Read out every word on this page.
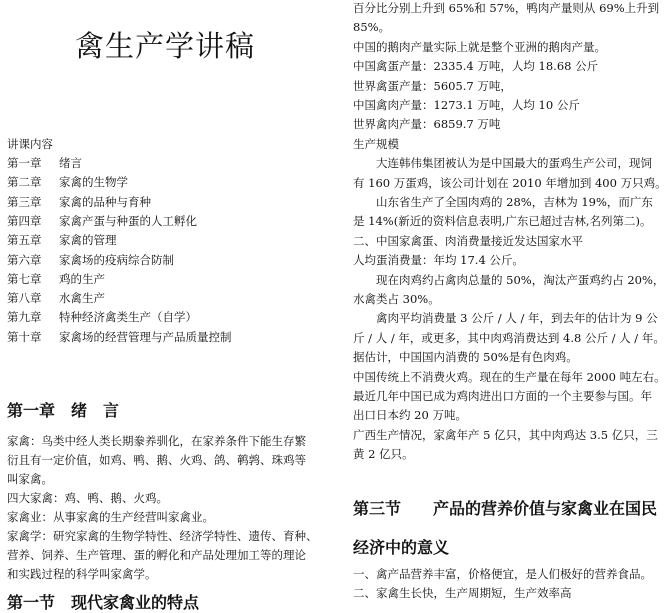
禽生产学讲稿
讲课内容
第一章 绪言
第二章 家禽的生物学
第三章 家禽的品种与育种
第四章 家禽产蛋与种蛋的人工孵化
第五章 家禽的管理
第六章 家禽场的疫病综合防制
第七章 鸡的生产
第八章 水禽生产
第九章 特种经济禽类生产（自学）
第十章 家禽场的经营管理与产品质量控制
第一章 绪　言
家禽：鸟类中经人类长期豢养驯化，在家养条件下能生存繁
衍且有一定价值，如鸡、鸭、鹅、火鸡、鸽、鹌鹑、珠鸡等
叫家禽。
四大家禽：鸡、鸭、鹅、火鸡。
家禽业：从事家禽的生产经营叫家禽业。
家禽学：研究家禽的生物学特性、经济学特性、遗传、育种、
营养、饲养、生产管理、蛋的孵化和产品处理加工等的理论
和实践过程的科学叫家禽学。
第一节　现代家禽业的特点
百分比分别上升到 65%和 57%，鸭肉产量则从 69%上升到
85%。
中国的鹅肉产量实际上就是整个亚洲的鹅肉产量。
中国禽蛋产量：2335.4 万吨，人均 18.68 公斤
世界禽蛋产量：5605.7 万吨，
中国禽肉产量：1273.1 万吨，人均 10 公斤
世界禽肉产量：6859.7 万吨
生产规模
大连韩伟集团被认为是中国最大的蛋鸡生产公司，现饲
有 160 万蛋鸡，该公司计划在 2010 年增加到 400 万只鸡。
山东省生产了全国肉鸡的 28%，吉林为 19%，而广东
是 14%(新近的资料信息表明,广东已超过吉林,名列第二)。
二、中国家禽蛋、肉消费量接近发达国家水平
人均蛋消费量：年均 17.4 公斤。
现在肉鸡约占禽肉总量的 50%，淘汰产蛋鸡约占 20%，
水禽类占 30%。
禽肉平均消费量 3 公斤 / 人 / 年，到去年的估计为 9 公
斤 / 人 / 年，或更多，其中肉鸡消费达到 4.8 公斤 / 人 / 年。
据估计，中国国内消费的 50%是有色肉鸡。
中国传统上不消费火鸡。现在的生产量在每年 2000 吨左右。
最近几年中国已成为鸡肉进出口方面的一个主要参与国。年
出口日本约 20 万吨。
广西生产情况，家禽年产 5 亿只，其中肉鸡达 3.5 亿只，三
黄 2 亿只。
第三节　　产品的营养价值与家禽业在国民
经济中的意义
一、禽产品营养丰富，价格便宜，是人们极好的营养食品。
二、家禽生长快，生产周期短，生产效率高
